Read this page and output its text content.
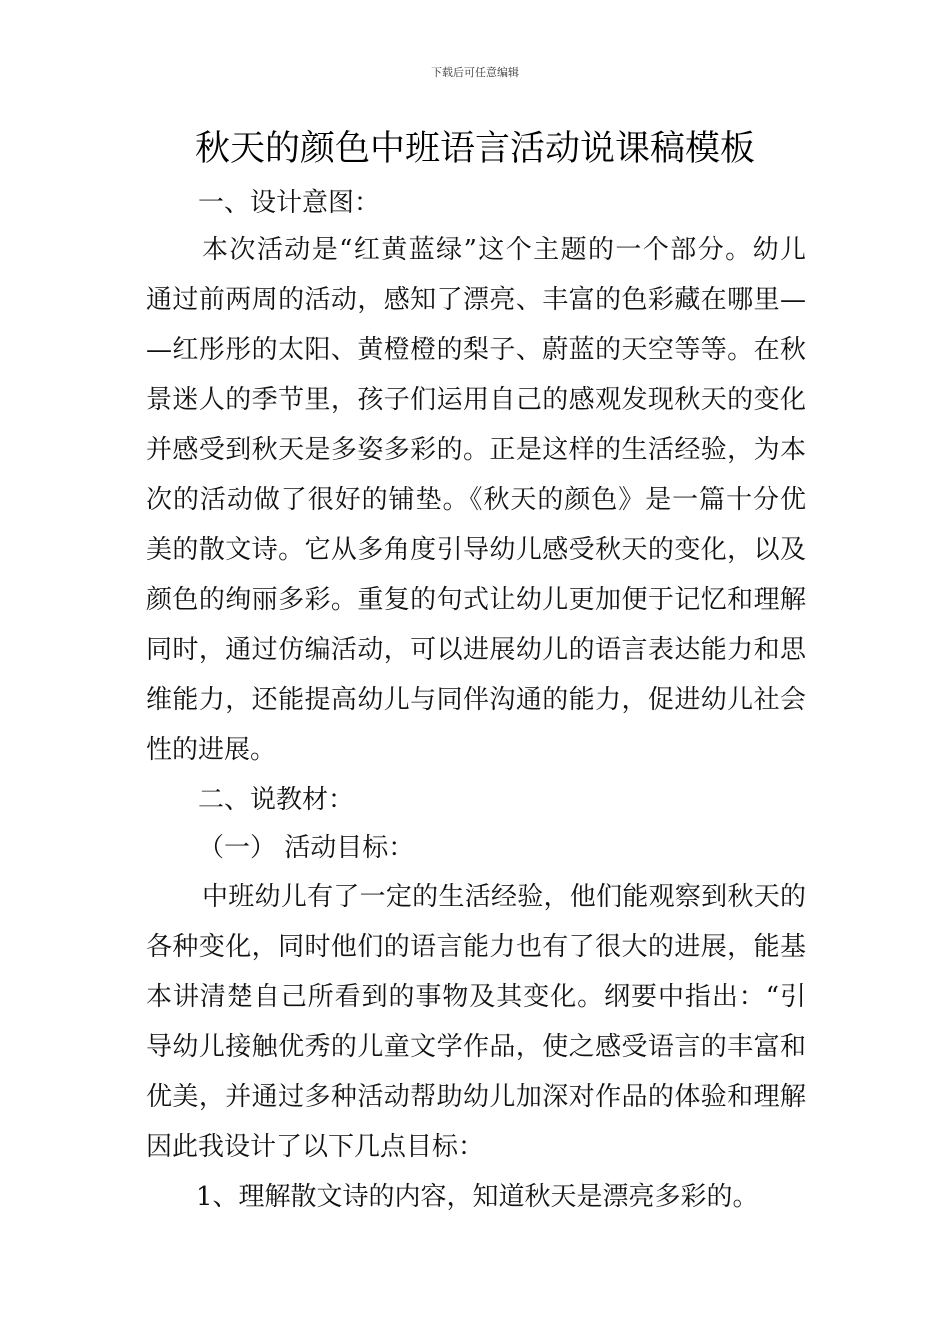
下载后可任意编辑
秋天的颜色中班语言活动说课稿模板
一、设计意图：
本次活动是“红黄蓝绿”这个主题的一个部分。幼儿
通过前两周的活动，感知了漂亮、丰富的色彩藏在哪里—
—红彤彤的太阳、黄橙橙的梨子、蔚蓝的天空等等。在秋
景迷人的季节里，孩子们运用自己的感观发现秋天的变化
并感受到秋天是多姿多彩的。正是这样的生活经验，为本
次的活动做了很好的铺垫。《秋天的颜色》是一篇十分优
美的散文诗。它从多角度引导幼儿感受秋天的变化，以及
颜色的绚丽多彩。重复的句式让幼儿更加便于记忆和理解
同时，通过仿编活动，可以进展幼儿的语言表达能力和思
维能力，还能提高幼儿与同伴沟通的能力，促进幼儿社会
性的进展。
二、说教材：
（一） 活动目标：
中班幼儿有了一定的生活经验，他们能观察到秋天的
各种变化，同时他们的语言能力也有了很大的进展，能基
本讲清楚自己所看到的事物及其变化。纲要中指出：“引
导幼儿接触优秀的儿童文学作品，使之感受语言的丰富和
优美，并通过多种活动帮助幼儿加深对作品的体验和理解
因此我设计了以下几点目标：
1、理解散文诗的内容，知道秋天是漂亮多彩的。
